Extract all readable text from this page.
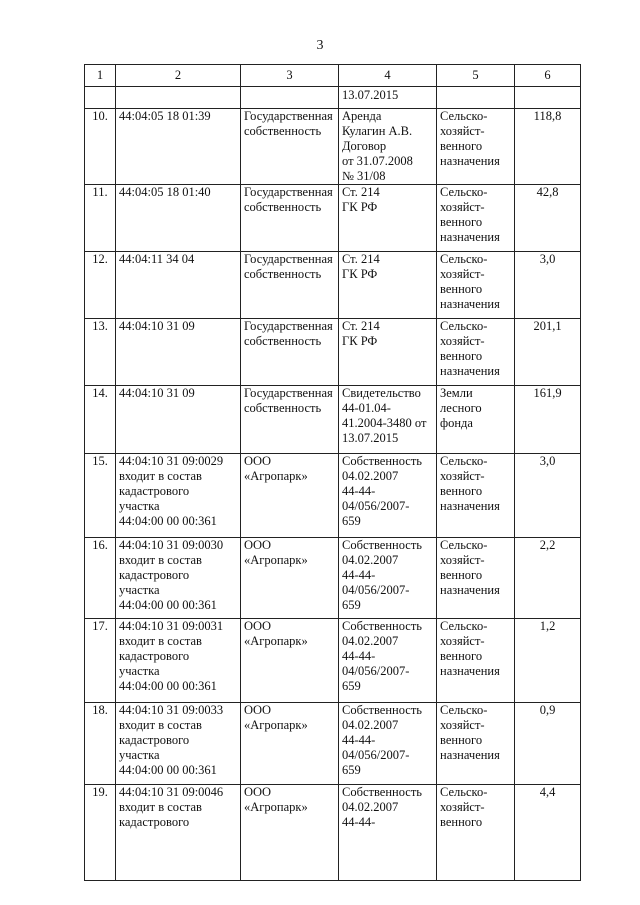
3
1	2	3	4	5	6
			13.07.2015		
10.	44:04:05 18 01:39	Государственная
собственность	Аренда
Кулагин А.В.
Договор
от 31.07.2008
№ 31/08	Сельско-
хозяйст-
венного
назначения	118,8
11.	44:04:05 18 01:40	Государственная
собственность	Ст. 214
ГК РФ	Сельско-
хозяйст-
венного
назначения	42,8
12.	44:04:11 34 04	Государственная
собственность	Ст. 214
ГК РФ	Сельско-
хозяйст-
венного
назначения	3,0
13.	44:04:10 31 09	Государственная
собственность	Ст. 214
ГК РФ	Сельско-
хозяйст-
венного
назначения	201,1
14.	44:04:10 31 09	Государственная
собственность	Свидетельство
44-01.04-
41.2004-3480 от
13.07.2015	Земли
лесного
фонда	161,9
15.	44:04:10 31 09:0029
входит в состав
кадастрового
участка
44:04:00 00 00:361	ООО
«Агропарк»	Собственность
04.02.2007
44-44-
04/056/2007-
659	Сельско-
хозяйст-
венного
назначения	3,0
16.	44:04:10 31 09:0030
входит в состав
кадастрового
участка
44:04:00 00 00:361	ООО
«Агропарк»	Собственность
04.02.2007
44-44-
04/056/2007-
659	Сельско-
хозяйст-
венного
назначения	2,2
17.	44:04:10 31 09:0031
входит в состав
кадастрового
участка
44:04:00 00 00:361	ООО
«Агропарк»	Собственность
04.02.2007
44-44-
04/056/2007-
659	Сельско-
хозяйст-
венного
назначения	1,2
18.	44:04:10 31 09:0033
входит в состав
кадастрового
участка
44:04:00 00 00:361	ООО
«Агропарк»	Собственность
04.02.2007
44-44-
04/056/2007-
659	Сельско-
хозяйст-
венного
назначения	0,9
19.	44:04:10 31 09:0046
входит в состав
кадастрового	ООО
«Агропарк»	Собственность
04.02.2007
44-44-	Сельско-
хозяйст-
венного	4,4
